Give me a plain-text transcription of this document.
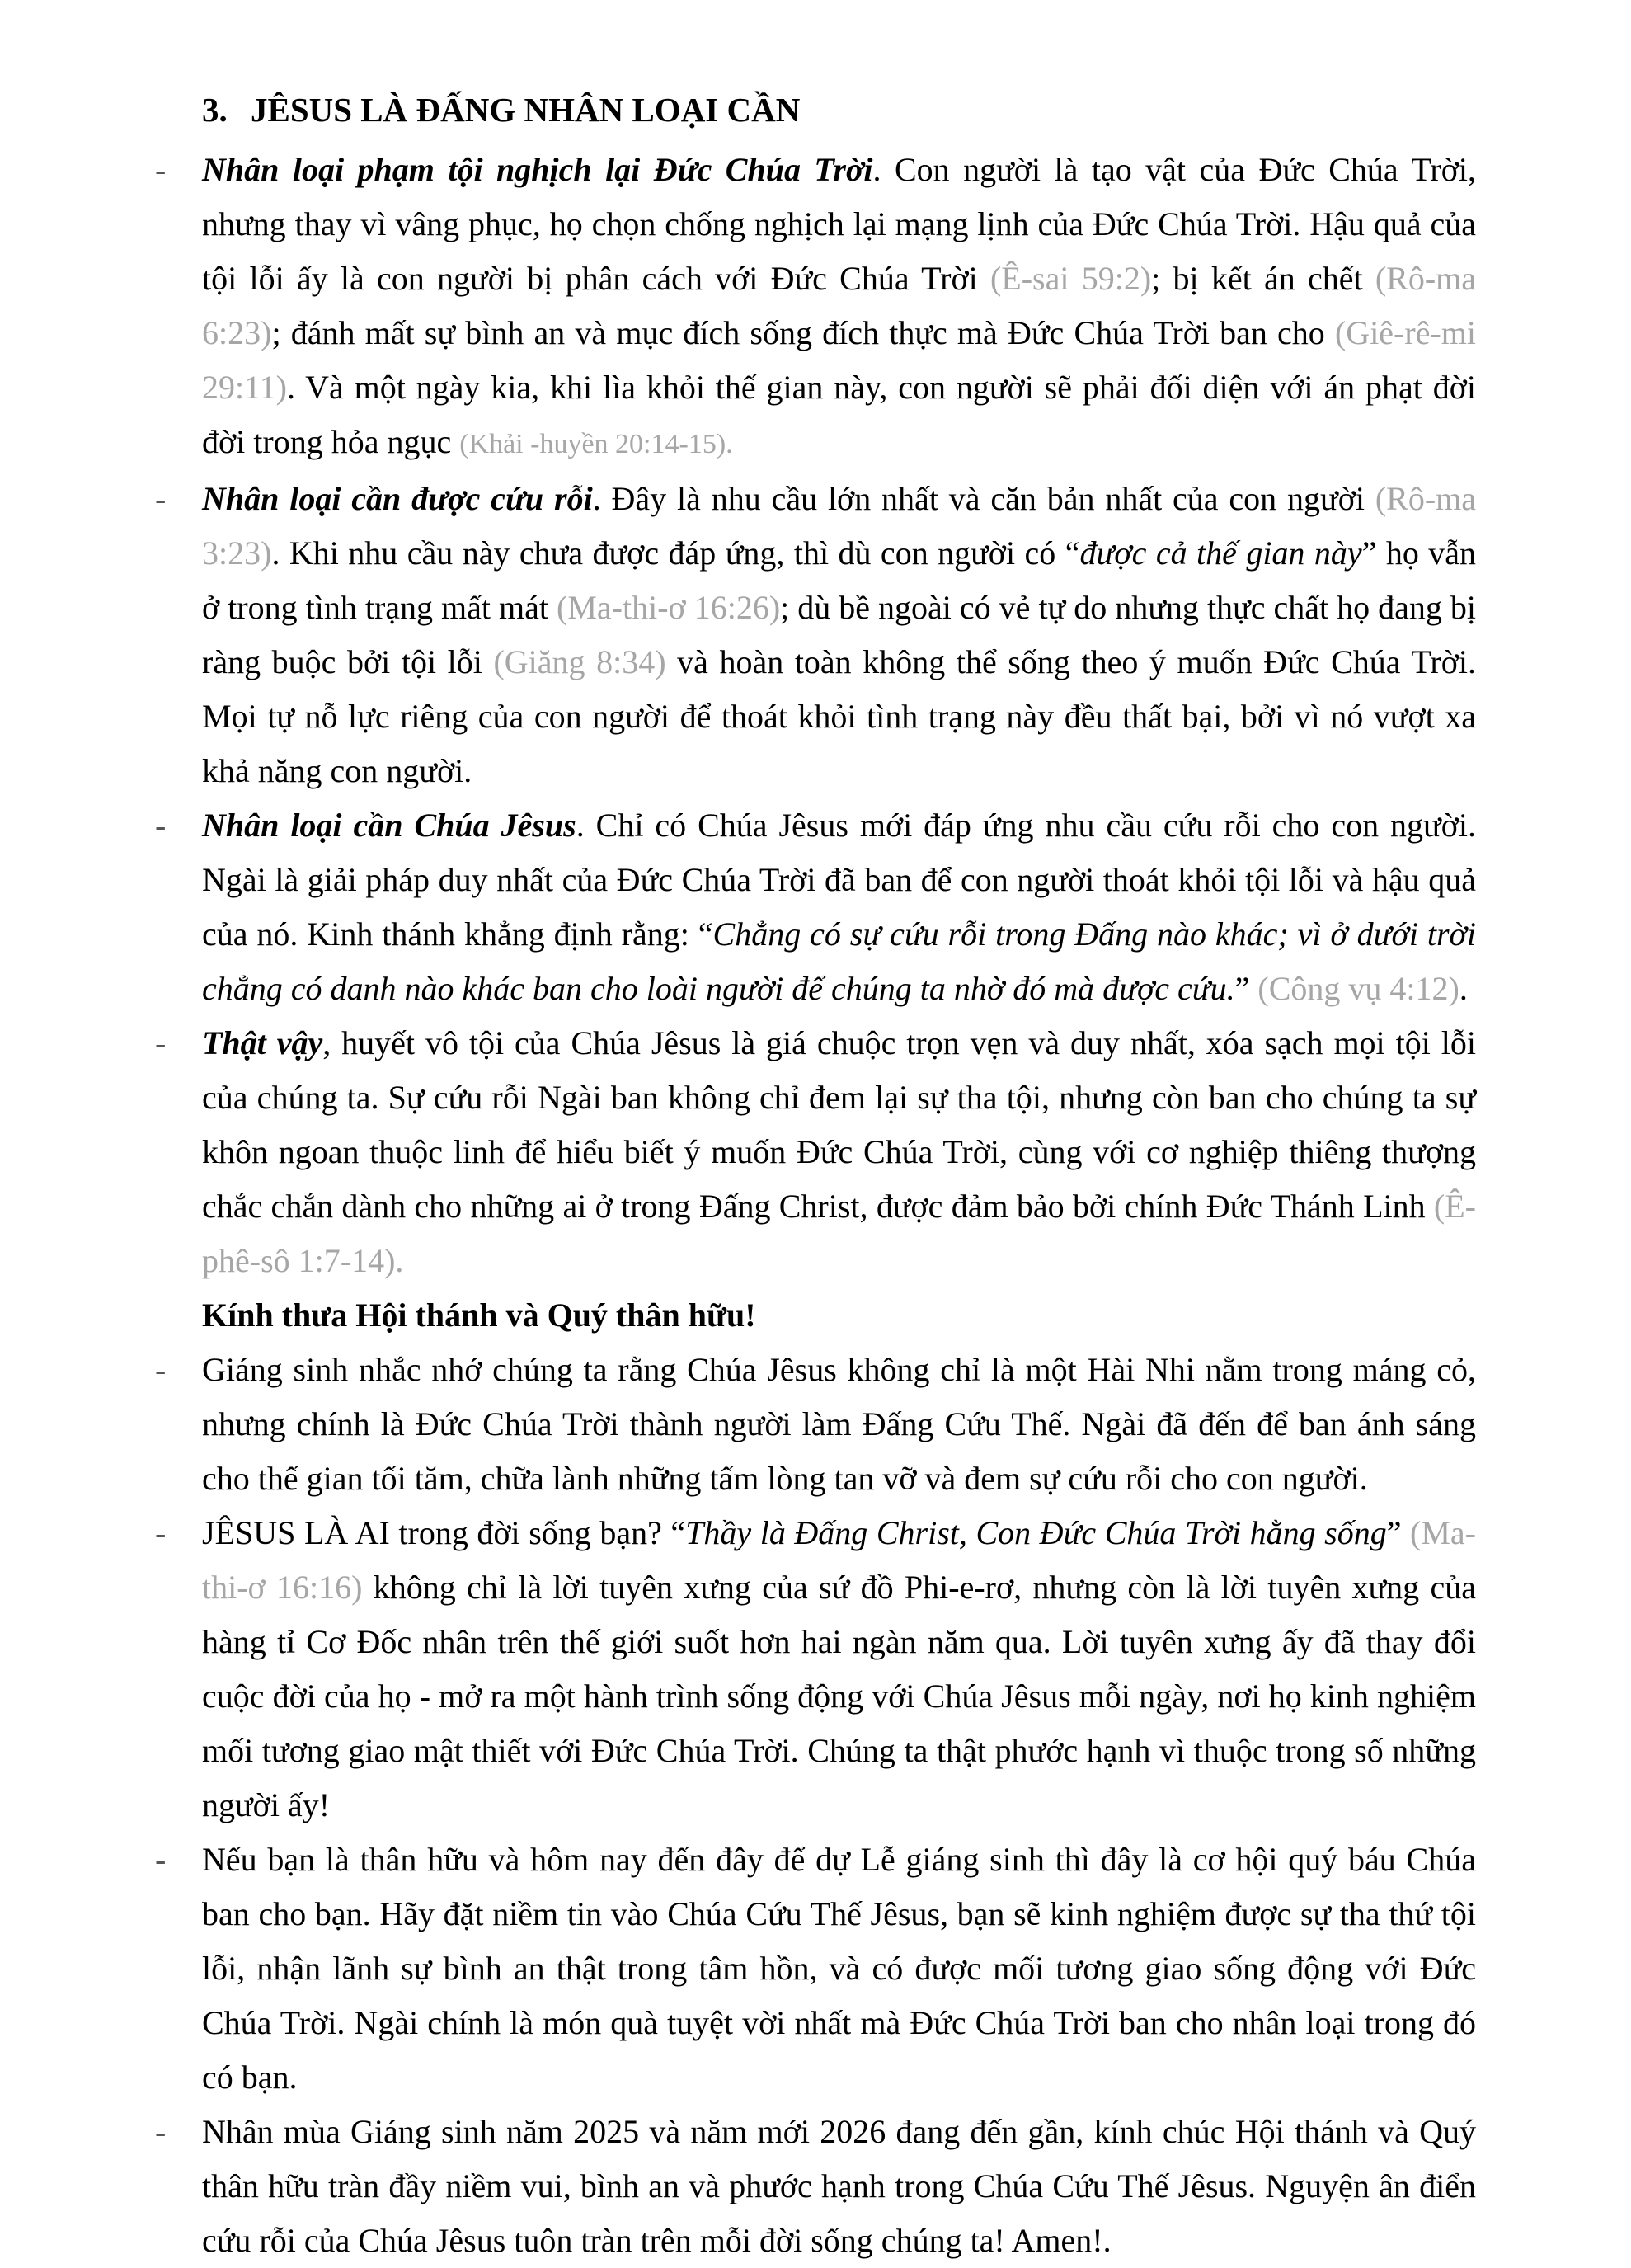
3. JÊSUS LÀ ĐẤNG NHÂN LOẠI CẦN
- Nhân loại phạm tội nghịch lại Đức Chúa Trời. Con người là tạo vật của Đức Chúa Trời, nhưng thay vì vâng phục, họ chọn chống nghịch lại mạng lịnh của Đức Chúa Trời. Hậu quả của tội lỗi ấy là con người bị phân cách với Đức Chúa Trời (Ê-sai 59:2); bị kết án chết (Rô-ma 6:23); đánh mất sự bình an và mục đích sống đích thực mà Đức Chúa Trời ban cho (Giê-rê-mi 29:11). Và một ngày kia, khi lìa khỏi thế gian này, con người sẽ phải đối diện với án phạt đời đời trong hỏa ngục (Khải -huyền 20:14-15).
- Nhân loại cần được cứu rỗi. Đây là nhu cầu lớn nhất và căn bản nhất của con người (Rô-ma 3:23). Khi nhu cầu này chưa được đáp ứng, thì dù con người có “được cả thế gian này” họ vẫn ở trong tình trạng mất mát (Ma-thi-ơ 16:26); dù bề ngoài có vẻ tự do nhưng thực chất họ đang bị ràng buộc bởi tội lỗi (Giăng 8:34) và hoàn toàn không thể sống theo ý muốn Đức Chúa Trời. Mọi tự nỗ lực riêng của con người để thoát khỏi tình trạng này đều thất bại, bởi vì nó vượt xa khả năng con người.
- Nhân loại cần Chúa Jêsus. Chỉ có Chúa Jêsus mới đáp ứng nhu cầu cứu rỗi cho con người. Ngài là giải pháp duy nhất của Đức Chúa Trời đã ban để con người thoát khỏi tội lỗi và hậu quả của nó. Kinh thánh khẳng định rằng: “Chẳng có sự cứu rỗi trong Đấng nào khác; vì ở dưới trời chẳng có danh nào khác ban cho loài người để chúng ta nhờ đó mà được cứu.” (Công vụ 4:12).
- Thật vậy, huyết vô tội của Chúa Jêsus là giá chuộc trọn vẹn và duy nhất, xóa sạch mọi tội lỗi của chúng ta. Sự cứu rỗi Ngài ban không chỉ đem lại sự tha tội, nhưng còn ban cho chúng ta sự khôn ngoan thuộc linh để hiểu biết ý muốn Đức Chúa Trời, cùng với cơ nghiệp thiêng thượng chắc chắn dành cho những ai ở trong Đấng Christ, được đảm bảo bởi chính Đức Thánh Linh (Ê-phê-sô 1:7-14).
Kính thưa Hội thánh và Quý thân hữu!
- Giáng sinh nhắc nhớ chúng ta rằng Chúa Jêsus không chỉ là một Hài Nhi nằm trong máng cỏ, nhưng chính là Đức Chúa Trời thành người làm Đấng Cứu Thế. Ngài đã đến để ban ánh sáng cho thế gian tối tăm, chữa lành những tấm lòng tan vỡ và đem sự cứu rỗi cho con người.
- JÊSUS LÀ AI trong đời sống bạn? “Thầy là Đấng Christ, Con Đức Chúa Trời hằng sống” (Ma-thi-ơ 16:16) không chỉ là lời tuyên xưng của sứ đồ Phi-e-rơ, nhưng còn là lời tuyên xưng của hàng tỉ Cơ Đốc nhân trên thế giới suốt hơn hai ngàn năm qua. Lời tuyên xưng ấy đã thay đổi cuộc đời của họ - mở ra một hành trình sống động với Chúa Jêsus mỗi ngày, nơi họ kinh nghiệm mối tương giao mật thiết với Đức Chúa Trời. Chúng ta thật phước hạnh vì thuộc trong số những người ấy!
- Nếu bạn là thân hữu và hôm nay đến đây để dự Lễ giáng sinh thì đây là cơ hội quý báu Chúa ban cho bạn. Hãy đặt niềm tin vào Chúa Cứu Thế Jêsus, bạn sẽ kinh nghiệm được sự tha thứ tội lỗi, nhận lãnh sự bình an thật trong tâm hồn, và có được mối tương giao sống động với Đức Chúa Trời. Ngài chính là món quà tuyệt vời nhất mà Đức Chúa Trời ban cho nhân loại trong đó có bạn.
- Nhân mùa Giáng sinh năm 2025 và năm mới 2026 đang đến gần, kính chúc Hội thánh và Quý thân hữu tràn đầy niềm vui, bình an và phước hạnh trong Chúa Cứu Thế Jêsus. Nguyện ân điển cứu rỗi của Chúa Jêsus tuôn tràn trên mỗi đời sống chúng ta! Amen!.
